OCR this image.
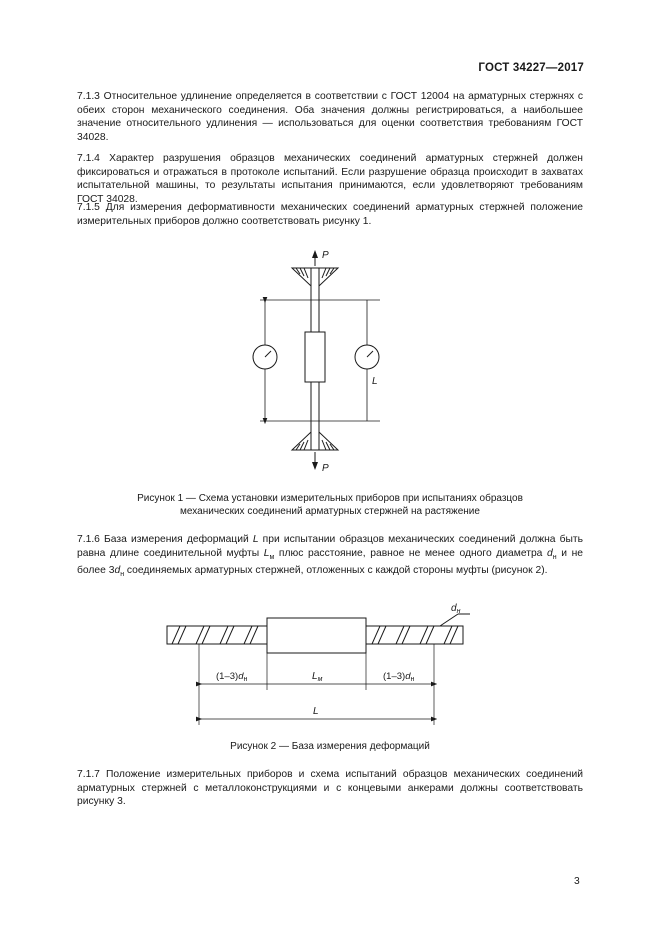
ГОСТ 34227—2017
7.1.3 Относительное удлинение определяется в соответствии с ГОСТ 12004 на арматурных стержнях с обеих сторон механического соединения. Оба значения должны регистрироваться, а наибольшее значение относительного удлинения — использоваться для оценки соответствия требованиям ГОСТ 34028.
7.1.4 Характер разрушения образцов механических соединений арматурных стержней должен фиксироваться и отражаться в протоколе испытаний. Если разрушение образца происходит в захватах испытательной машины, то результаты испытания принимаются, если удовлетворяют требованиям ГОСТ 34028.
7.1.5 Для измерения деформативности механических соединений арматурных стержней положение измерительных приборов должно соответствовать рисунку 1.
P
P
L
$d_н$
$(1-3)d_н$	$L_м$	$(1-3)d_н$
L
Рисунок 1 — Схема установки измерительных приборов при испытаниях образцов
механических соединений арматурных стержней на растяжение
7.1.6 База измерения деформаций L при испытании образцов механических соединений должна быть равна длине соединительной муфты $L_м$ плюс расстояние, равное не менее одного диаметра $d_н$ и не более $3d_н$ соединяемых арматурных стержней, отложенных с каждой стороны муфты (рисунок 2).
Рисунок 2 — База измерения деформаций
7.1.7 Положение измерительных приборов и схема испытаний образцов механических соединений арматурных стержней с металлоконструкциями и с концевыми анкерами должны соответствовать рисунку 3.
3
